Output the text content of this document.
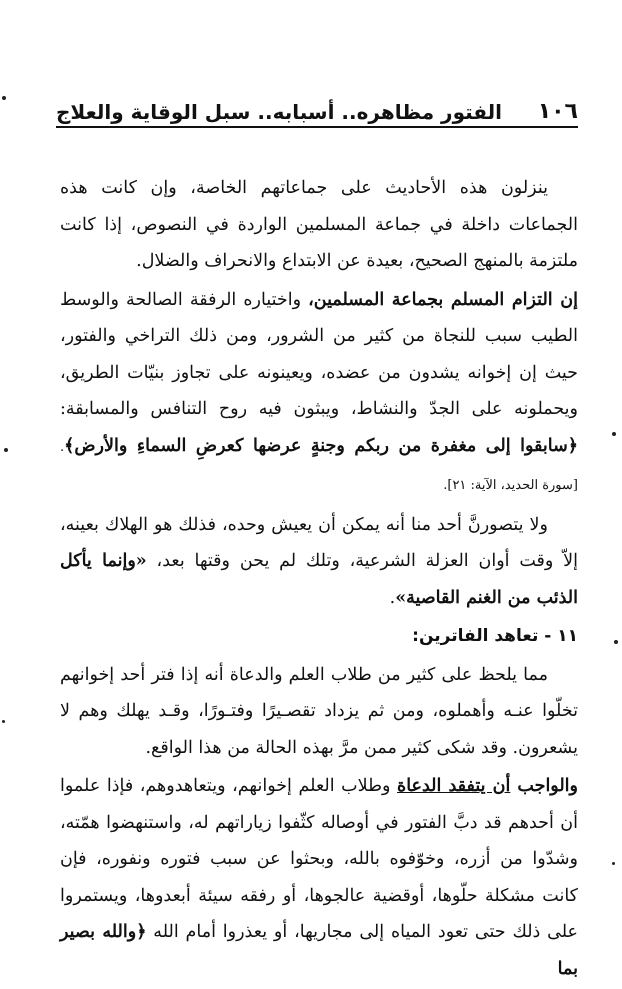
١٠٦
الفتور مظاهره.. أسبابه.. سبل الوقاية والعلاج

ينزلون هذه الأحاديث على جماعاتهم الخاصة، وإن كانت هذه الجماعات داخلة في جماعة المسلمين الواردة في النصوص، إذا كانت ملتزمة بالمنهج الصحيح، بعيدة عن الابتداع والانحراف والضلال.

إن التزام المسلم بجماعة المسلمين، واختياره الرفقة الصالحة والوسط الطيب سبب للنجاة من كثير من الشرور، ومن ذلك التراخي والفتور، حيث إن إخوانه يشدون من عضده، ويعينونه على تجاوز بنيّات الطريق، ويحملونه على الجدّ والنشاط، ويبثون فيه روح التنافس والمسابقة: ﴿سابقوا إلى مغفرة من ربكم وجنةٍ عرضها كعرضِ السماءِ والأرض﴾. [سورة الحديد، الآية: ٢١].

ولا يتصورنَّ أحد منا أنه يمكن أن يعيش وحده، فذلك هو الهلاك بعينه، إلاّ وقت أوان العزلة الشرعية، وتلك لم يحن وقتها بعد، «وإنما يأكل الذئب من الغنم القاصية».

١١ - تعاهد الفاترين:

مما يلحظ على كثير من طلاب العلم والدعاة أنه إذا فتر أحد إخوانهم تخلّوا عنـه وأهملوه، ومن ثم يزداد تقصـيرًا وفتـورًا، وقـد يهلك وهم لا يشعرون. وقد شكى كثير ممن مرَّ بهذه الحالة من هذا الواقع.

والواجب أن يتفقد الدعاة وطلاب العلم إخوانهم، ويتعاهدوهم، فإذا علموا أن أحدهم قد دبَّ الفتور في أوصاله كثّفوا زياراتهم له، واستنهضوا همّته، وشدّوا من أزره، وخوّفوه بالله، وبحثوا عن سبب فتوره ونفوره، فإن كانت مشكلة حلّوها، أوقضية عالجوها، أو رفقه سيئة أبعدوها، ويستمروا على ذلك حتى تعود المياه إلى مجاريها، أو يعذروا أمام الله ﴿والله بصير بما
